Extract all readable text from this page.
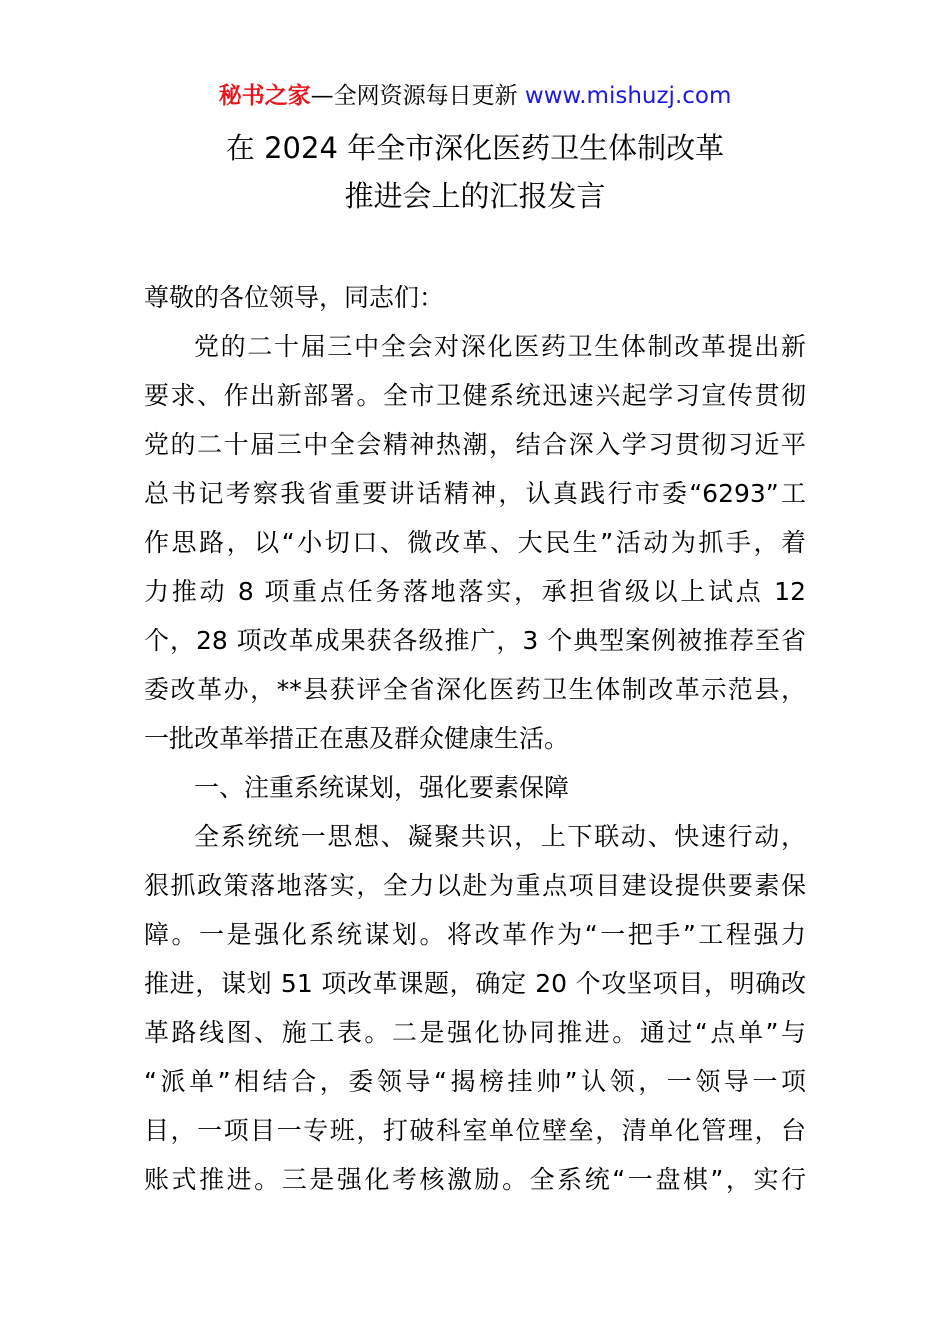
秘书之家—全网资源每日更新 www.mishuzj.com
在 2024 年全市深化医药卫生体制改革
推进会上的汇报发言
尊敬的各位领导，同志们：
党的二十届三中全会对深化医药卫生体制改革提出新
要求、作出新部署。全市卫健系统迅速兴起学习宣传贯彻
党的二十届三中全会精神热潮，结合深入学习贯彻习近平
总书记考察我省重要讲话精神，认真践行市委“6293”工
作思路，以“小切口、微改革、大民生”活动为抓手，着
力推动 8 项重点任务落地落实，承担省级以上试点 12
个，28 项改革成果获各级推广，3 个典型案例被推荐至省
委改革办，**县获评全省深化医药卫生体制改革示范县，
一批改革举措正在惠及群众健康生活。
一、注重系统谋划，强化要素保障
全系统统一思想、凝聚共识，上下联动、快速行动，
狠抓政策落地落实，全力以赴为重点项目建设提供要素保
障。一是强化系统谋划。将改革作为“一把手”工程强力
推进，谋划 51 项改革课题，确定 20 个攻坚项目，明确改
革路线图、施工表。二是强化协同推进。通过“点单”与
“派单”相结合，委领导“揭榜挂帅”认领，一领导一项
目，一项目一专班，打破科室单位壁垒，清单化管理，台
账式推进。三是强化考核激励。全系统“一盘棋”，实行
